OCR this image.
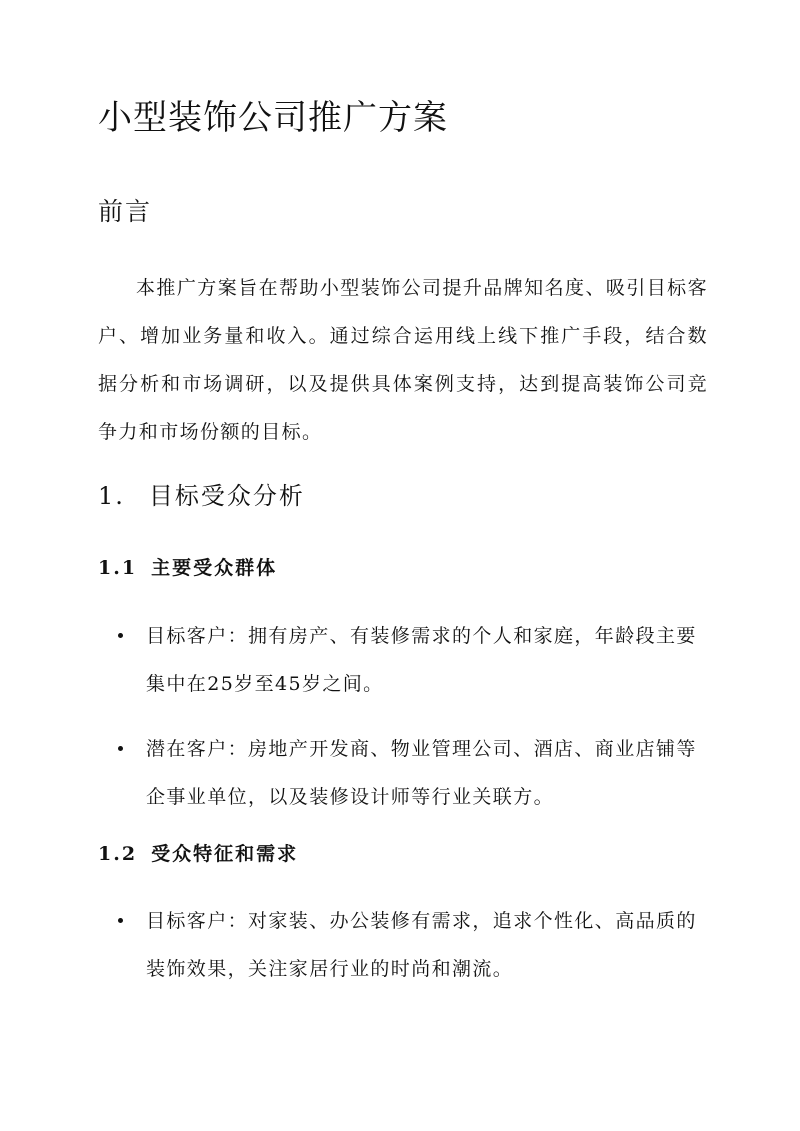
小型装饰公司推广方案
前言

本推广方案旨在帮助小型装饰公司提升品牌知名度、吸引目标客户、增加业务量和收入。通过综合运用线上线下推广手段，结合数据分析和市场调研，以及提供具体案例支持，达到提高装饰公司竞争力和市场份额的目标。

1. 目标受众分析
1.1 主要受众群体
目标客户：拥有房产、有装修需求的个人和家庭，年龄段主要集中在25岁至45岁之间。
潜在客户：房地产开发商、物业管理公司、酒店、商业店铺等企事业单位，以及装修设计师等行业关联方。
1.2 受众特征和需求
目标客户：对家装、办公装修有需求，追求个性化、高品质的装饰效果，关注家居行业的时尚和潮流。
